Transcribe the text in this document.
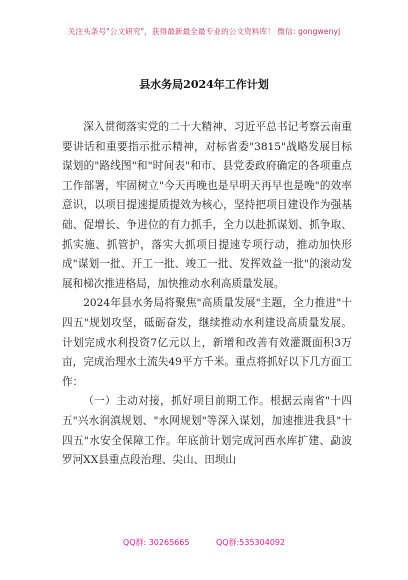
关注头条号"公文研究"，获得最新最全最专业的公文资料库！ 微信: gongwenyj
县水务局2024年工作计划

深入贯彻落实党的二十大精神、习近平总书记考察云南重要讲话和重要指示批示精神，对标省委"3815"战略发展目标谋划的"路线图"和"时间表"和市、县党委政府确定的各项重点工作部署，牢固树立"今天再晚也是早明天再早也是晚"的效率意识，以项目提速提质提效为核心，坚持把项目建设作为强基础、促增长、争进位的有力抓手，全力以赴抓谋划、抓争取、抓实施、抓管护，落实大抓项目提速专项行动，推动加快形成"谋划一批、开工一批、竣工一批、发挥效益一批"的滚动发展和梯次推进格局，加快推动水利高质量发展。

2024年县水务局将聚焦"高质量发展"主题，全力推进"十四五"规划攻坚，砥砺奋发，继续推动水利建设高质量发展。计划完成水利投资7亿元以上，新增和改善有效灌溉面积3万亩，完成治理水土流失49平方千米。重点将抓好以下几方面工作：

（一）主动对接，抓好项目前期工作。根据云南省"十四五"兴水润滇规划、"水网规划"等深入谋划，加速推进我县"十四五"水安全保障工作。年底前计划完成河西水库扩建、勐波罗河XX县重点段治理、尖山、田坝山

QQ群: 30265665	QQ群:535304092
